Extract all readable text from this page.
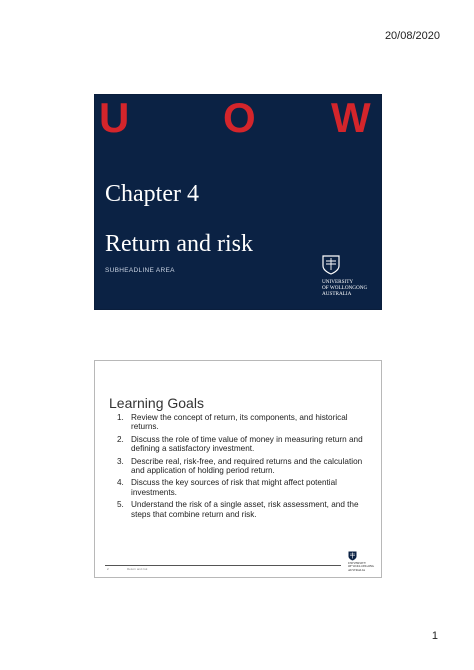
20/08/2020
U O W
Chapter 4
Return and risk
SUBHEADLINE AREA
UNIVERSITY
OF WOLLONGONG
AUSTRALIA
Learning Goals
1. Review the concept of return, its components, and historical returns.
2. Discuss the role of time value of money in measuring return and defining a satisfactory investment.
3. Describe real, risk-free, and required returns and the calculation and application of holding period return.
4. Discuss the key sources of risk that might affect potential investments.
5. Understand the risk of a single asset, risk assessment, and the steps that combine return and risk.
2	Return and risk
UNIVERSITY
OF WOLLONGONG
AUSTRALIA
1
